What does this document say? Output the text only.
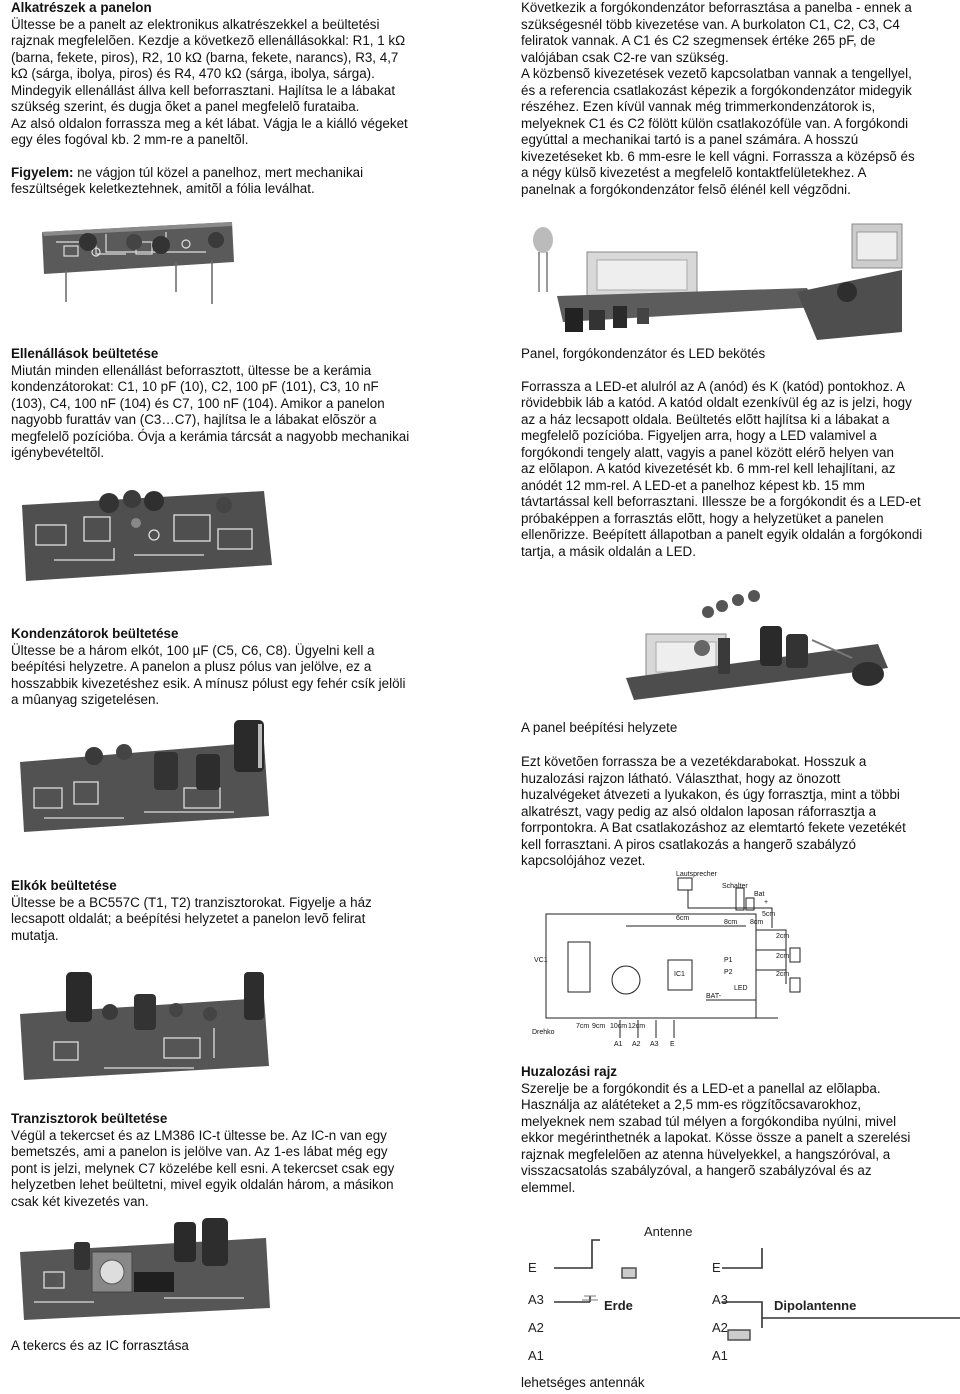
Alkatrészek a panelon
Ültesse be a panelt az elektronikus alkatrészekkel a beültetési
rajznak megfelelõen. Kezdje a következõ ellenállásokkal: R1, 1 kΩ
(barna, fekete, piros), R2, 10 kΩ (barna, fekete, narancs), R3, 4,7
kΩ (sárga, ibolya, piros) és R4, 470 kΩ (sárga, ibolya, sárga).
Mindegyik ellenállást állva kell beforrasztani. Hajlítsa le a lábakat
szükség szerint, és dugja õket a panel megfelelõ furataiba.
Az alsó oldalon forrassza meg a két lábat. Vágja le a kiálló végeket
egy éles fogóval kb. 2 mm-re a paneltõl.
Figyelem: ne vágjon túl közel a panelhoz, mert mechanikai
feszültségek keletkeztehnek, amitõl a fólia leválhat.
Ellenállások beültetése
Miután minden ellenállást beforrasztott, ültesse be a kerámia
kondenzátorokat: C1, 10 pF (10), C2, 100 pF (101), C3, 10 nF
(103), C4, 100 nF (104) és C7, 100 nF (104). Amikor a panelon
nagyobb furattáv van (C3…C7), hajlítsa le a lábakat elõször a
megfelelõ pozícióba. Óvja a kerámia tárcsát a nagyobb mechanikai
igénybevételtõl.
Kondenzátorok beültetése
Ültesse be a három elkót, 100 µF (C5, C6, C8). Ügyelni kell a
beépítési helyzetre. A panelon a plusz pólus van jelölve, ez a
hosszabbik kivezetéshez esik. A mínusz pólust egy fehér csík jelöli
a mûanyag szigetelésen.
Elkók beültetése
Ültesse be a BC557C (T1, T2) tranzisztorokat. Figyelje a ház
lecsapott oldalát; a beépítési helyzetet a panelon levõ felirat
mutatja.
Tranzisztorok beültetése
Végül a tekercset és az LM386 IC-t ültesse be. Az IC-n van egy
bemetszés, ami a panelon is jelölve van. Az 1-es lábat még egy
pont is jelzi, melynek C7 közelébe kell esni. A tekercset csak egy
helyzetben lehet beültetni, mivel egyik oldalán három, a másikon
csak két kivezetés van.
A tekercs és az IC forrasztása
Következik a forgókondenzátor beforrasztása a panelba - ennek a
szükségesnél több kivezetése van. A burkolaton C1, C2, C3, C4
feliratok vannak. A C1 és C2 szegmensek értéke 265 pF, de
valójában csak C2-re van szükség.
A közbensõ kivezetések vezetõ kapcsolatban vannak a tengellyel,
és a referencia csatlakozást képezik a forgókondenzátor midegyik
részéhez. Ezen kívül vannak még trimmerkondenzátorok is,
melyeknek C1 és C2 fölött külön csatlakozófüle van. A forgókondi
egyúttal a mechanikai tartó is a panel számára. A hosszú
kivezetéseket kb. 6 mm-esre le kell vágni. Forrassza a középsõ és
a négy külsõ kivezetést a megfelelõ kontaktfelületekhez. A
panelnak a forgókondenzátor felsõ élénél kell végzõdni.
Panel, forgókondenzátor és LED bekötés
Forrassza a LED-et alulról az A (anód) és K (katód) pontokhoz. A
rövidebbik láb a katód. A katód oldalt ezenkívül ég az is jelzi, hogy
az a ház lecsapott oldala. Beültetés elõtt hajlítsa ki a lábakat a
megfelelõ pozícióba. Figyeljen arra, hogy a LED valamivel a
forgókondi tengely alatt, vagyis a panel között elérõ helyen van
az elõlapon. A katód kivezetését kb. 6 mm-rel kell lehajlítani, az
anódét 12 mm-rel. A LED-et a panelhoz képest kb. 15 mm
távtartással kell beforrasztani. Illessze be a forgókondit és a LED-et
próbaképpen a forrasztás elõtt, hogy a helyzetüket a panelen
ellenõrizze. Beépített állapotban a panelt egyik oldalán a forgókondi
tartja, a másik oldalán a LED.
A panel beépítési helyzete
Ezt követõen forrassza be a vezetékdarabokat. Hosszuk a
huzalozási rajzon látható. Választhat, hogy az önozott
huzalvégeket átvezeti a lyukakon, és úgy forrasztja, mint a többi
alkatrészt, vagy pedig az alsó oldalon laposan ráforrasztja a
forrpontokra. A Bat csatlakozáshoz az elemtartó fekete vezetékét
kell forrasztani. A piros csatlakozás a hangerõ szabályzó
kapcsolójához vezet.
Lautsprecher
Schalter
Bat
+
Drehko
VC1
IC1
P1
P2
LED
BAT-
6cm
8cm 8cm
5cm
2cm
2cm
2cm
7cm 9cm 10cm 12cm
A1 A2 A3 E
Huzalozási rajz
Szerelje be a forgókondit és a LED-et a panellal az elõlapba.
Használja az alátéteket a 2,5 mm-es rögzítõcsavarokhoz,
melyeknek nem szabad túl mélyen a forgókondiba nyúlni, mivel
ekkor megérinthetnék a lapokat. Kösse össze a panelt a szerelési
rajznak megfelelõen az atenna hüvelyekkel, a hangszóróval, a
visszacsatolás szabályzóval, a hangerõ szabályzóval és az
elemmel.
Antenne
E
A3
A2
A1
E
A3
A2
A1
Erde	Dipolantenne
lehetséges antennák
